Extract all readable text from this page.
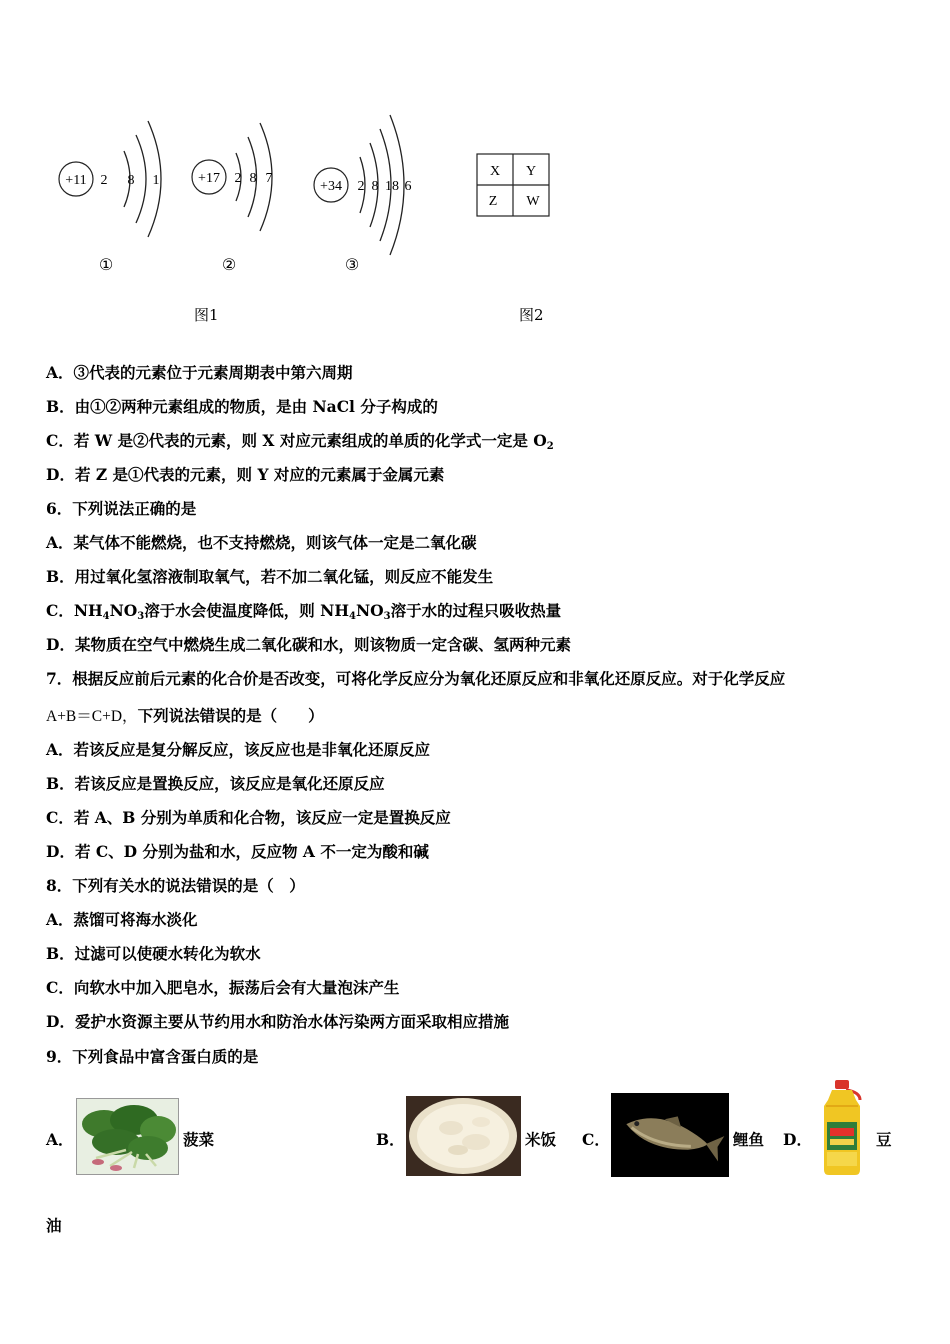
+11 2 8 1
①
+17 2 8 7
②
+34 2 8 18 6
③
X Y
Z W
图1	图2
A．③代表的元素位于元素周期表中第六周期
B．由①②两种元素组成的物质，是由 NaCl 分子构成的
C．若 W 是②代表的元素，则 X 对应元素组成的单质的化学式一定是 $O_2$
D．若 Z 是①代表的元素，则 Y 对应的元素属于金属元素
6．下列说法正确的是
A．某气体不能燃烧，也不支持燃烧，则该气体一定是二氧化碳
B．用过氧化氢溶液制取氧气，若不加二氧化锰，则反应不能发生
C．$NH_4NO_3$溶于水会使温度降低，则 $NH_4NO_3$溶于水的过程只吸收热量
D．某物质在空气中燃烧生成二氧化碳和水，则该物质一定含碳、氢两种元素
7．根据反应前后元素的化合价是否改变，可将化学反应分为氧化还原反应和非氧化还原反应。对于化学反应
A+B＝C+D，下列说法错误的是（　　）
A．若该反应是复分解反应，该反应也是非氧化还原反应
B．若该反应是置换反应，该反应是氧化还原反应
C．若 A、B 分别为单质和化合物，该反应一定是置换反应
D．若 C、D 分别为盐和水，反应物 A 不一定为酸和碱
8．下列有关水的说法错误的是（　）
A．蒸馏可将海水淡化
B．过滤可以使硬水转化为软水
C．向软水中加入肥皂水，振荡后会有大量泡沫产生
D．爱护水资源主要从节约用水和防治水体污染两方面采取相应措施
9．下列食品中富含蛋白质的是
A．	菠菜	B．	米饭 C．	鲤鱼 D．	豆
油
